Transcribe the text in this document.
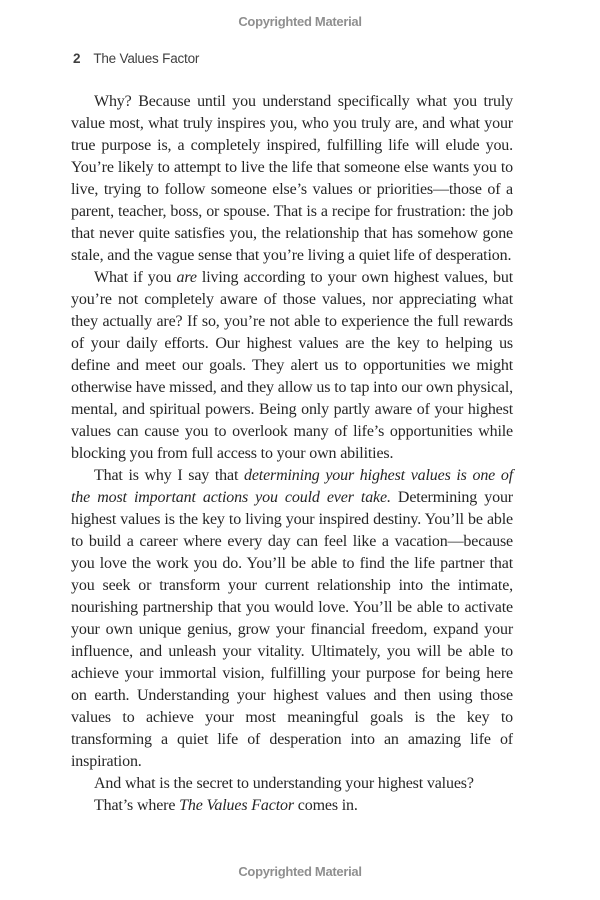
Copyrighted Material
2 The Values Factor

Why? Because until you understand specifically what you truly value most, what truly inspires you, who you truly are, and what your true purpose is, a completely inspired, fulfilling life will elude you. You’re likely to attempt to live the life that someone else wants you to live, trying to follow someone else’s values or priorities—those of a parent, teacher, boss, or spouse. That is a recipe for frustration: the job that never quite satisfies you, the relationship that has somehow gone stale, and the vague sense that you’re living a quiet life of desperation.

What if you are living according to your own highest values, but you’re not completely aware of those values, nor appreciating what they actually are? If so, you’re not able to experience the full rewards of your daily efforts. Our highest values are the key to helping us define and meet our goals. They alert us to opportunities we might otherwise have missed, and they allow us to tap into our own physical, mental, and spiritual powers. Being only partly aware of your highest values can cause you to overlook many of life’s opportunities while blocking you from full access to your own abilities.

That is why I say that determining your highest values is one of the most important actions you could ever take. Determining your highest values is the key to living your inspired destiny. You’ll be able to build a career where every day can feel like a vacation—because you love the work you do. You’ll be able to find the life partner that you seek or transform your current relationship into the intimate, nourishing partnership that you would love. You’ll be able to activate your own unique genius, grow your financial freedom, expand your influence, and unleash your vitality. Ultimately, you will be able to achieve your immortal vision, fulfilling your purpose for being here on earth. Understanding your highest values and then using those values to achieve your most meaningful goals is the key to transforming a quiet life of desperation into an amazing life of inspiration.

And what is the secret to understanding your highest values?

That’s where The Values Factor comes in.

Copyrighted Material
